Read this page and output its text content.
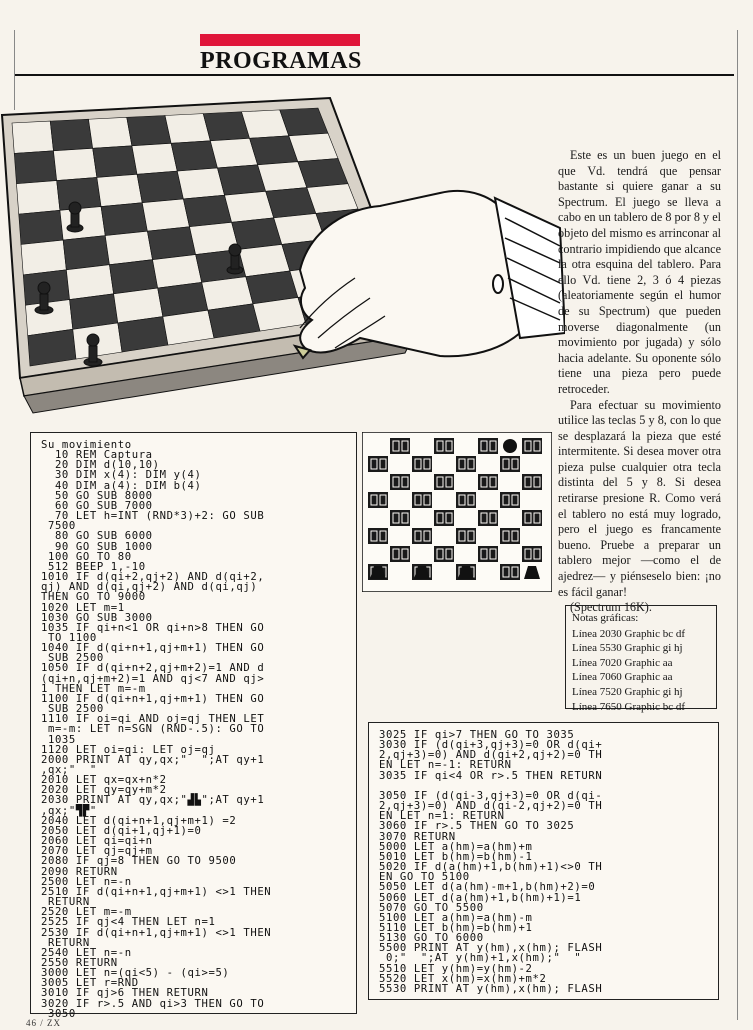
PROGRAMAS

Este es un buen juego en el que Vd. tendrá que pensar bastante si quiere ganar a su Spectrum. El juego se lleva a cabo en un tablero de 8 por 8 y el objeto del mismo es arrinconar al contrario impidiendo que alcance la otra esquina del tablero. Para ello Vd. tiene 2, 3 ó 4 piezas (aleatoriamente según el humor de su Spectrum) que pueden moverse diagonalmente (un movimiento por jugada) y sólo hacia adelante. Su oponente sólo tiene una pieza pero puede retroceder.

Para efectuar su movimiento utilice las teclas 5 y 8, con lo que se desplazará la pieza que esté intermitente. Si desea mover otra pieza pulse cualquier otra tecla distinta del 5 y 8. Si desea retirarse presione R. Como verá el tablero no está muy logrado, pero el juego es francamente bueno. Pruebe a preparar un tablero mejor —como el de ajedrez— y piénseselo bien: ¡no es fácil ganar!

(Spectrum 16K).

Notas gráficas:
Línea 2030 Graphic bc df
Línea 5530 Graphic gi hj
Línea 7020 Graphic aa
Línea 7060 Graphic aa
Línea 7520 Graphic gi hj
Línea 7650 Graphic bc df
Su movimiento
10 REM Captura
20 DIM d(10,10)
30 DIM x(4): DIM y(4)
40 DIM a(4): DIM b(4)
50 GO SUB 8000
60 GO SUB 7000
70 LET h=INT (RND*3)+2: GO SUB
7500
80 GO SUB 6000
90 GO SUB 1000
100 GO TO 80
512 BEEP 1,-10
1010 IF d(qi+2,qj+2) AND d(qi+2,
qj) AND d(qi,qj+2) AND d(qi,qj)
THEN GO TO 9000
1020 LET m=1
1030 GO SUB 3000
1035 IF qi+n<1 OR qi+n>8 THEN GO
TO 1100
1040 IF d(qi+n+1,qj+m+1) THEN GO
SUB 2500
1050 IF d(qi+n+2,qj+m+2)=1 AND d
(qi+n,qj+m+2)=1 AND qj<7 AND qj>
1 THEN LET m=-m
1100 IF d(qi+n+1,qj+m+1) THEN GO
SUB 2500
1110 IF oi=qi AND oj=qj THEN LET
m=-m: LET n=SGN (RND-.5): GO TO
1035
1120 LET oi=qi: LET oj=qj
2000 PRINT AT qy,qx;"  ";AT qy+1
,qx;"  "
2010 LET qx=qx+n*2
2020 LET qy=qy+m*2
2030 PRINT AT qy,qx;"▟▙";AT qy+1
,qx;"▜▛"
2040 LET d(qi+n+1,qj+m+1) =2
2050 LET d(qi+1,qj+1)=0
2060 LET qi=qi+n
2070 LET qj=qj+m
2080 IF qj=8 THEN GO TO 9500
2090 RETURN
2500 LET n=-n
2510 IF d(qi+n+1,qj+m+1) <>1 THEN
RETURN
2520 LET m=-m
2525 IF qj<4 THEN LET n=1
2530 IF d(qi+n+1,qj+m+1) <>1 THEN
RETURN
2540 LET n=-n
2550 RETURN
3000 LET n=(qi<5) - (qi>=5)
3005 LET r=RND
3010 IF qj>6 THEN RETURN
3020 IF r>.5 AND qi>3 THEN GO TO
3050
3025 IF qi>7 THEN GO TO 3035
3030 IF (d(qi+3,qj+3)=0 OR d(qi+
2,qj+3)=0) AND d(qi+2,qj+2)=0 TH
EN LET n=-1: RETURN
3035 IF qi<4 OR r>.5 THEN RETURN

3050 IF (d(qi-3,qj+3)=0 OR d(qi-
2,qj+3)=0) AND d(qi-2,qj+2)=0 TH
EN LET n=1: RETURN
3060 IF r>.5 THEN GO TO 3025
3070 RETURN
5000 LET a(hm)=a(hm)+m
5010 LET b(hm)=b(hm)-1
5020 IF d(a(hm)+1,b(hm)+1)<>0 TH
EN GO TO 5100
5050 LET d(a(hm)-m+1,b(hm)+2)=0
5060 LET d(a(hm)+1,b(hm)+1)=1
5070 GO TO 5500
5100 LET a(hm)=a(hm)-m
5110 LET b(hm)=b(hm)+1
5130 GO TO 6000
5500 PRINT AT y(hm),x(hm); FLASH
0;"  ";AT y(hm)+1,x(hm);"  "
5510 LET y(hm)=y(hm)-2
5520 LET x(hm)=x(hm)+m*2
5530 PRINT AT y(hm),x(hm); FLASH
46 / ZX
